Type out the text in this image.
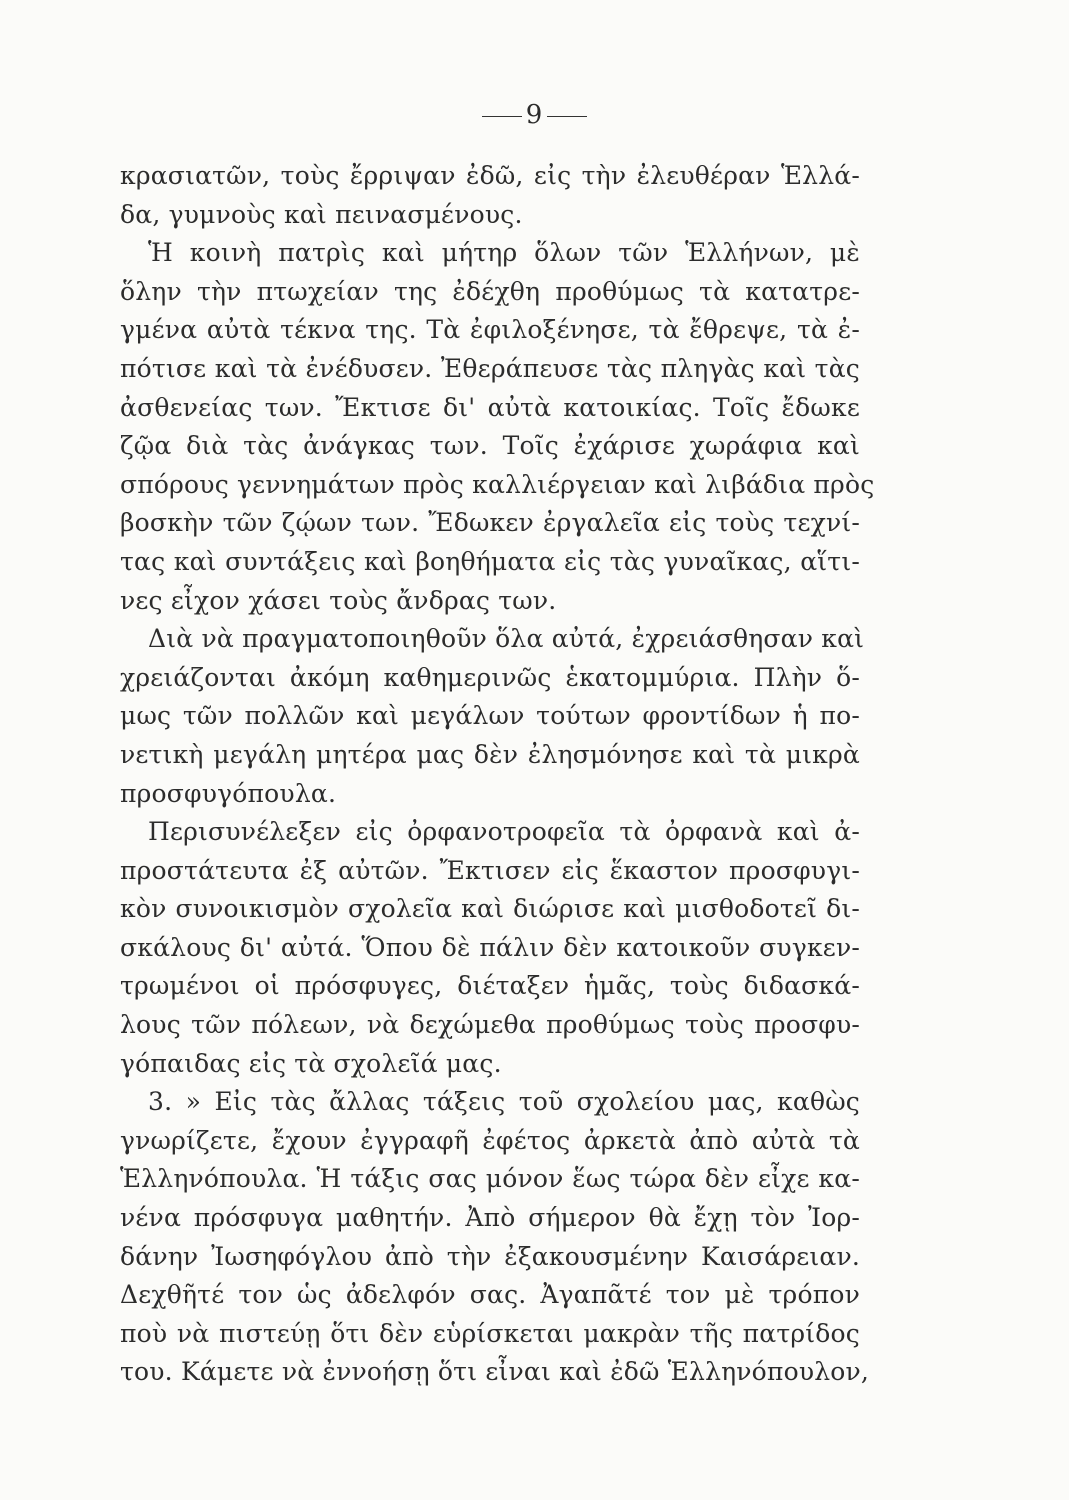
9
κρασιατῶν, τοὺς ἔρριψαν ἐδῶ, εἰς τὴν ἐλευθέραν Ἑλλά-
δα, γυμνοὺς καὶ πεινασμένους.
Ἡ κοινὴ πατρὶς καὶ μήτηρ ὅλων τῶν Ἑλλήνων, μὲ
ὅλην τὴν πτωχείαν της ἐδέχθη προθύμως τὰ κατατρε-
γμένα αὐτὰ τέκνα της. Τὰ ἐφιλοξένησε, τὰ ἔθρεψε, τὰ ἐ-
πότισε καὶ τὰ ἐνέδυσεν. Ἐθεράπευσε τὰς πληγὰς καὶ τὰς
ἀσθενείας των. Ἔκτισε δι' αὐτὰ κατοικίας. Τοῖς ἔδωκε
ζῷα διὰ τὰς ἀνάγκας των. Τοῖς ἐχάρισε χωράφια καὶ
σπόρους γεννημάτων πρὸς καλλιέργειαν καὶ λιβάδια πρὸς
βοσκὴν τῶν ζῴων των. Ἔδωκεν ἐργαλεῖα εἰς τοὺς τεχνί-
τας καὶ συντάξεις καὶ βοηθήματα εἰς τὰς γυναῖκας, αἵτι-
νες εἶχον χάσει τοὺς ἄνδρας των.
Διὰ νὰ πραγματοποιηθοῦν ὅλα αὐτά, ἐχρειάσθησαν καὶ
χρειάζονται ἀκόμη καθημερινῶς ἑκατομμύρια. Πλὴν ὅ-
μως τῶν πολλῶν καὶ μεγάλων τούτων φροντίδων ἡ πο-
νετικὴ μεγάλη μητέρα μας δὲν ἐλησμόνησε καὶ τὰ μικρὰ
προσφυγόπουλα.
Περισυνέλεξεν εἰς ὀρφανοτροφεῖα τὰ ὀρφανὰ καὶ ἀ-
προστάτευτα ἐξ αὐτῶν. Ἔκτισεν εἰς ἕκαστον προσφυγι-
κὸν συνοικισμὸν σχολεῖα καὶ διώρισε καὶ μισθοδοτεῖ δι-
σκάλους δι' αὐτά. Ὅπου δὲ πάλιν δὲν κατοικοῦν συγκεν-
τρωμένοι οἱ πρόσφυγες, διέταξεν ἡμᾶς, τοὺς διδασκά-
λους τῶν πόλεων, νὰ δεχώμεθα προθύμως τοὺς προσφυ-
γόπαιδας εἰς τὰ σχολεῖά μας.
3. » Εἰς τὰς ἄλλας τάξεις τοῦ σχολείου μας, καθὼς
γνωρίζετε, ἔχουν ἐγγραφῆ ἐφέτος ἀρκετὰ ἀπὸ αὐτὰ τὰ
Ἑλληνόπουλα. Ἡ τάξις σας μόνον ἕως τώρα δὲν εἶχε κα-
νένα πρόσφυγα μαθητήν. Ἀπὸ σήμερον θὰ ἔχῃ τὸν Ἰορ-
δάνην Ἰωσηφόγλου ἀπὸ τὴν ἐξακουσμένην Καισάρειαν.
Δεχθῆτέ τον ὡς ἀδελφόν σας. Ἀγαπᾶτέ τον μὲ τρόπον
ποὺ νὰ πιστεύῃ ὅτι δὲν εὑρίσκεται μακρὰν τῆς πατρίδος
του. Κάμετε νὰ ἐννοήσῃ ὅτι εἶναι καὶ ἐδῶ Ἑλληνόπουλον,
